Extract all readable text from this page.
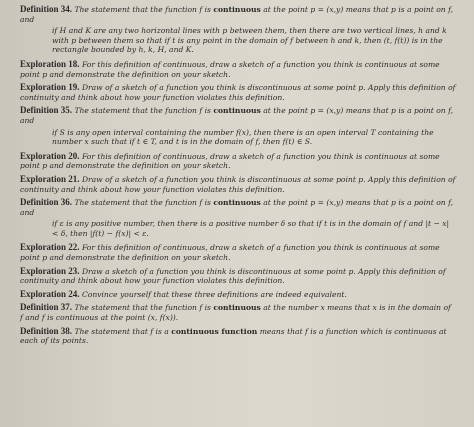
Definition 34. The statement that the function f is continuous at the point p = (x,y) means that p is a point on f, and
if H and K are any two horizontal lines with p between them, then there are two vertical lines, h and k with p between them so that if t is any point in the domain of f between h and k, then (t, f(t)) is in the rectangle bounded by h, k, H, and K.
Exploration 18. For this definition of continuous, draw a sketch of a function you think is continuous at some point p and demonstrate the definition on your sketch.
Exploration 19. Draw of a sketch of a function you think is discontinuous at some point p. Apply this definition of continuity and think about how your function violates this definition.
Definition 35. The statement that the function f is continuous at the point p = (x,y) means that p is a point on f, and
if S is any open interval containing the number f(x), then there is an open interval T containing the number x such that if t ∈ T, and t is in the domain of f, then f(t) ∈ S.
Exploration 20. For this definition of continuous, draw a sketch of a function you think is continuous at some point p and demonstrate the definition on your sketch.
Exploration 21. Draw of a sketch of a function you think is discontinuous at some point p. Apply this definition of continuity and think about how your function violates this definition.
Definition 36. The statement that the function f is continuous at the point p = (x,y) means that p is a point on f, and
if ε is any positive number, then there is a positive number δ so that if t is in the domain of f and |t − x| < δ, then |f(t) − f(x)| < ε.
Exploration 22. For this definition of continuous, draw a sketch of a function you think is continuous at some point p and demonstrate the definition on your sketch.
Exploration 23. Draw a sketch of a function you think is discontinuous at some point p. Apply this definition of continuity and think about how your function violates this definition.
Exploration 24. Convince yourself that these three definitions are indeed equivalent.
Definition 37. The statement that the function f is continuous at the number x means that x is in the domain of f and f is continuous at the point (x, f(x)).
Definition 38. The statement that f is a continuous function means that f is a function which is continuous at each of its points.
